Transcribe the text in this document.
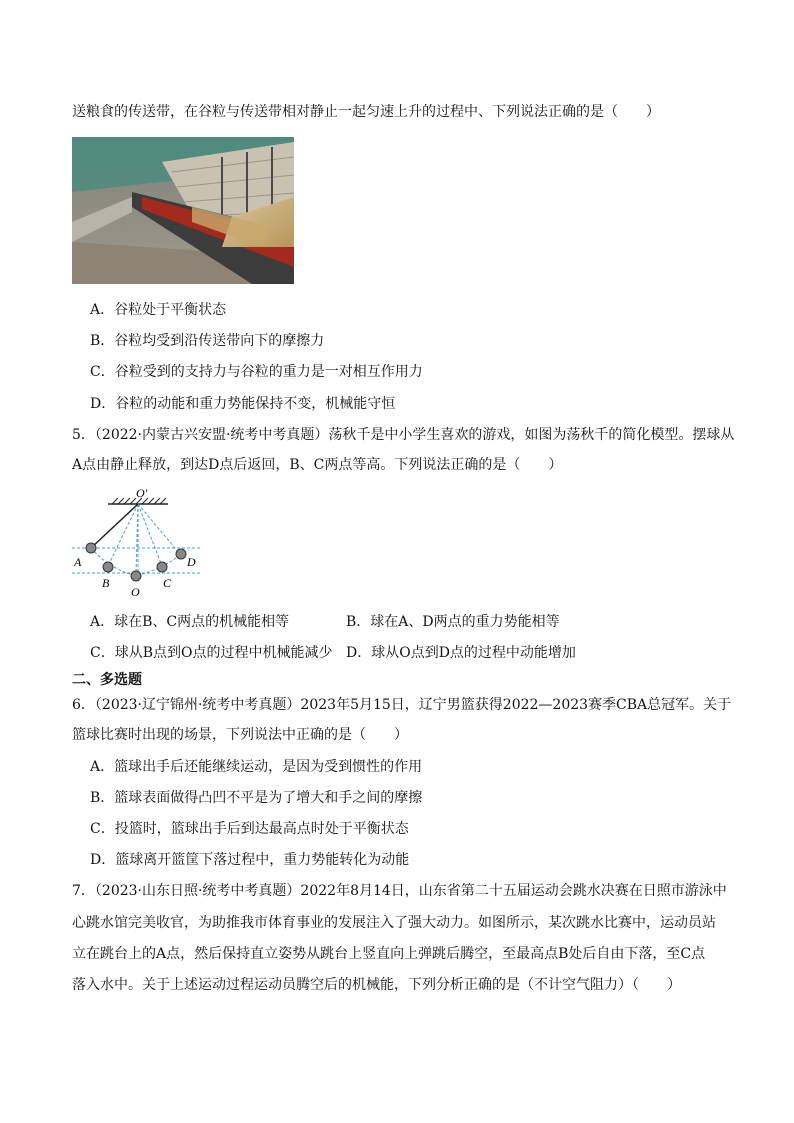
送粮食的传送带，在谷粒与传送带相对静止一起匀速上升的过程中、下列说法正确的是（　　）
A．谷粒处于平衡状态
B．谷粒均受到沿传送带向下的摩擦力
C．谷粒受到的支持力与谷粒的重力是一对相互作用力
D．谷粒的动能和重力势能保持不变，机械能守恒
5．（2022·内蒙古兴安盟·统考中考真题）荡秋千是中小学生喜欢的游戏，如图为荡秋千的简化模型。摆球从
A点由静止释放，到达D点后返回，B、C两点等高。下列说法正确的是（　　）
O'
A
B
O
C
D
A．球在B、C两点的机械能相等	B．球在A、D两点的重力势能相等
C．球从B点到O点的过程中机械能减少 D．球从O点到D点的过程中动能增加
二、多选题
6．（2023·辽宁锦州·统考中考真题）2023年5月15日，辽宁男篮获得2022—2023赛季CBA总冠军。关于
篮球比赛时出现的场景，下列说法中正确的是（　　）
A．篮球出手后还能继续运动，是因为受到惯性的作用
B．篮球表面做得凸凹不平是为了增大和手之间的摩擦
C．投篮时，篮球出手后到达最高点时处于平衡状态
D．篮球离开篮筐下落过程中，重力势能转化为动能
7．（2023·山东日照·统考中考真题）2022年8月14日，山东省第二十五届运动会跳水决赛在日照市游泳中
心跳水馆完美收官，为助推我市体育事业的发展注入了强大动力。如图所示，某次跳水比赛中，运动员站
立在跳台上的A点，然后保持直立姿势从跳台上竖直向上弹跳后腾空，至最高点B处后自由下落，至C点
落入水中。关于上述运动过程运动员腾空后的机械能，下列分析正确的是（不计空气阻力）（　　）
